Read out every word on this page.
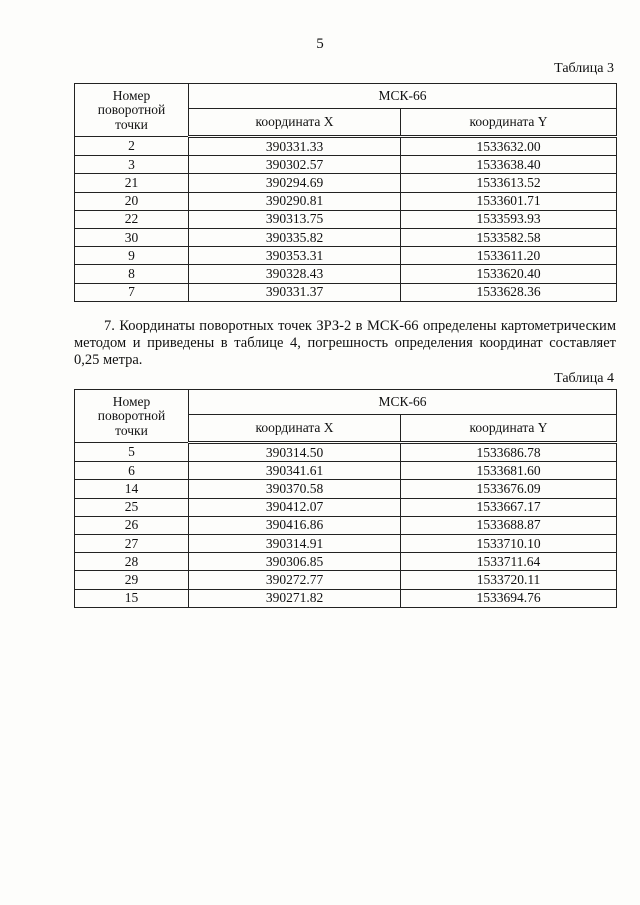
5
Таблица 3
Номер
поворотной
точки	МСК-66	
	координата X	координата Y
2	390331.33	1533632.00
3	390302.57	1533638.40
21	390294.69	1533613.52
20	390290.81	1533601.71
22	390313.75	1533593.93
30	390335.82	1533582.58
9	390353.31	1533611.20
8	390328.43	1533620.40
7	390331.37	1533628.36
7. Координаты поворотных точек ЗРЗ-2 в МСК-66 определены картометрическим методом и приведены в таблице 4, погрешность определения координат составляет 0,25 метра.
Таблица 4
Номер
поворотной
точки	МСК-66	
	координата X	координата Y
5	390314.50	1533686.78
6	390341.61	1533681.60
14	390370.58	1533676.09
25	390412.07	1533667.17
26	390416.86	1533688.87
27	390314.91	1533710.10
28	390306.85	1533711.64
29	390272.77	1533720.11
15	390271.82	1533694.76
